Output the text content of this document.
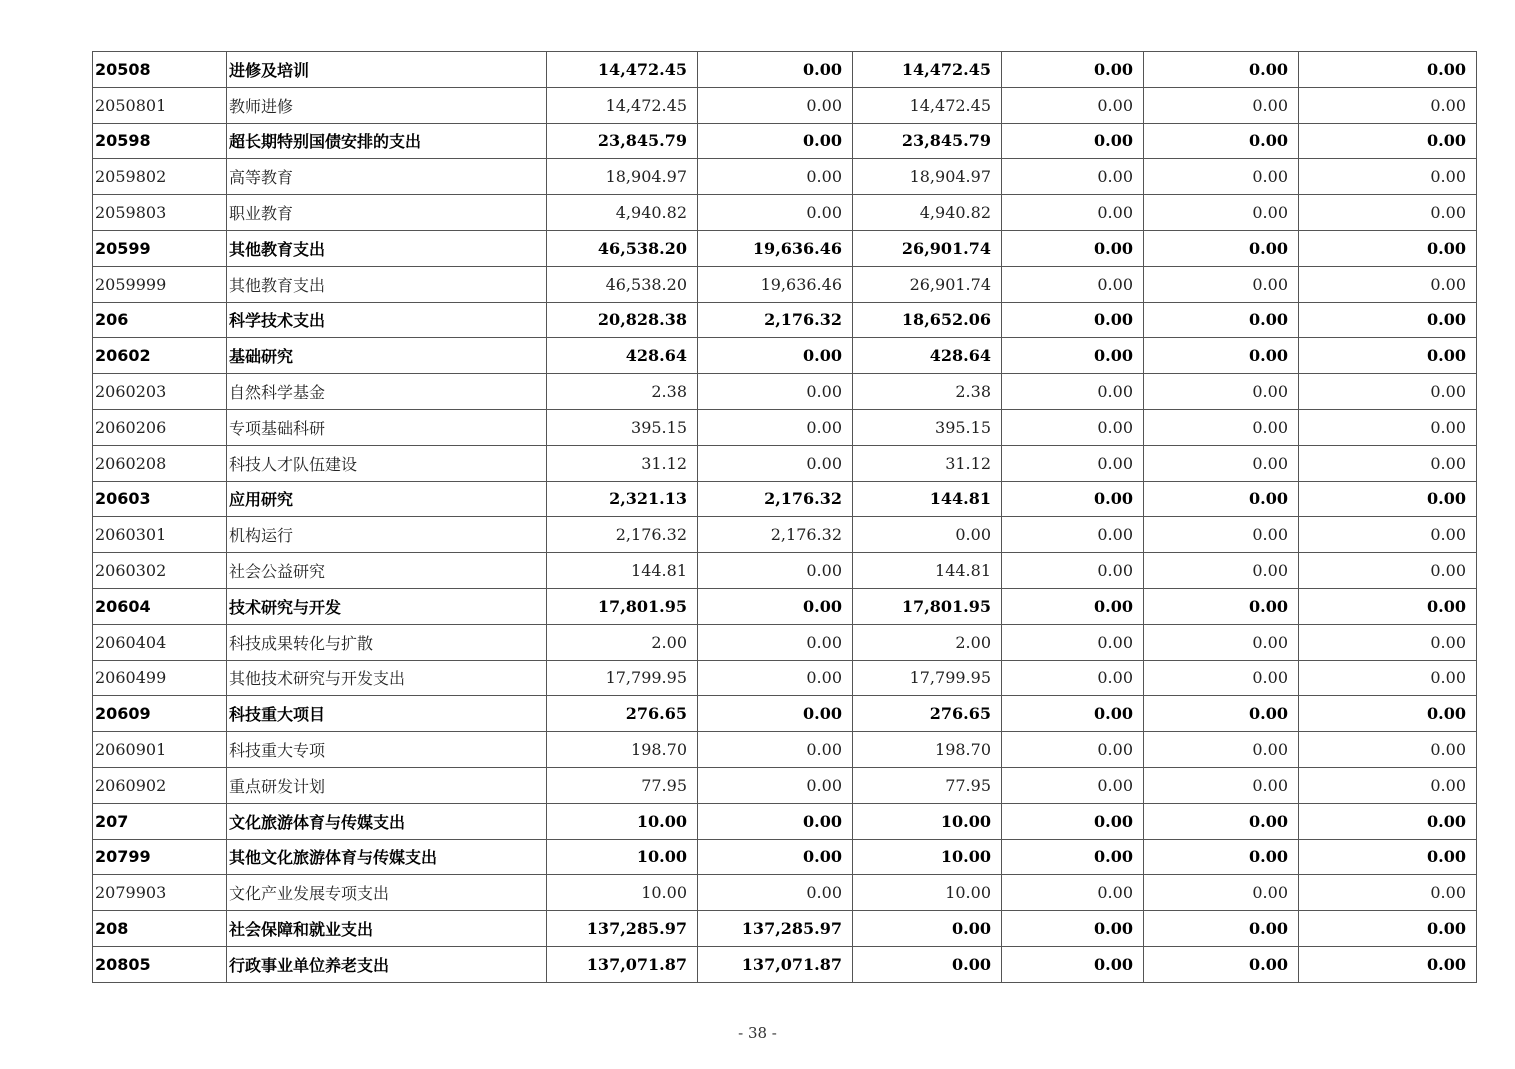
20508	进修及培训	14,472.45	0.00	14,472.45	0.00	0.00	0.00
2050801	教师进修	14,472.45	0.00	14,472.45	0.00	0.00	0.00
20598	超长期特别国债安排的支出	23,845.79	0.00	23,845.79	0.00	0.00	0.00
2059802	高等教育	18,904.97	0.00	18,904.97	0.00	0.00	0.00
2059803	职业教育	4,940.82	0.00	4,940.82	0.00	0.00	0.00
20599	其他教育支出	46,538.20	19,636.46	26,901.74	0.00	0.00	0.00
2059999	其他教育支出	46,538.20	19,636.46	26,901.74	0.00	0.00	0.00
206	科学技术支出	20,828.38	2,176.32	18,652.06	0.00	0.00	0.00
20602	基础研究	428.64	0.00	428.64	0.00	0.00	0.00
2060203	自然科学基金	2.38	0.00	2.38	0.00	0.00	0.00
2060206	专项基础科研	395.15	0.00	395.15	0.00	0.00	0.00
2060208	科技人才队伍建设	31.12	0.00	31.12	0.00	0.00	0.00
20603	应用研究	2,321.13	2,176.32	144.81	0.00	0.00	0.00
2060301	机构运行	2,176.32	2,176.32	0.00	0.00	0.00	0.00
2060302	社会公益研究	144.81	0.00	144.81	0.00	0.00	0.00
20604	技术研究与开发	17,801.95	0.00	17,801.95	0.00	0.00	0.00
2060404	科技成果转化与扩散	2.00	0.00	2.00	0.00	0.00	0.00
2060499	其他技术研究与开发支出	17,799.95	0.00	17,799.95	0.00	0.00	0.00
20609	科技重大项目	276.65	0.00	276.65	0.00	0.00	0.00
2060901	科技重大专项	198.70	0.00	198.70	0.00	0.00	0.00
2060902	重点研发计划	77.95	0.00	77.95	0.00	0.00	0.00
207	文化旅游体育与传媒支出	10.00	0.00	10.00	0.00	0.00	0.00
20799	其他文化旅游体育与传媒支出	10.00	0.00	10.00	0.00	0.00	0.00
2079903	文化产业发展专项支出	10.00	0.00	10.00	0.00	0.00	0.00
208	社会保障和就业支出	137,285.97	137,285.97	0.00	0.00	0.00	0.00
20805	行政事业单位养老支出	137,071.87	137,071.87	0.00	0.00	0.00	0.00
- 38 -
